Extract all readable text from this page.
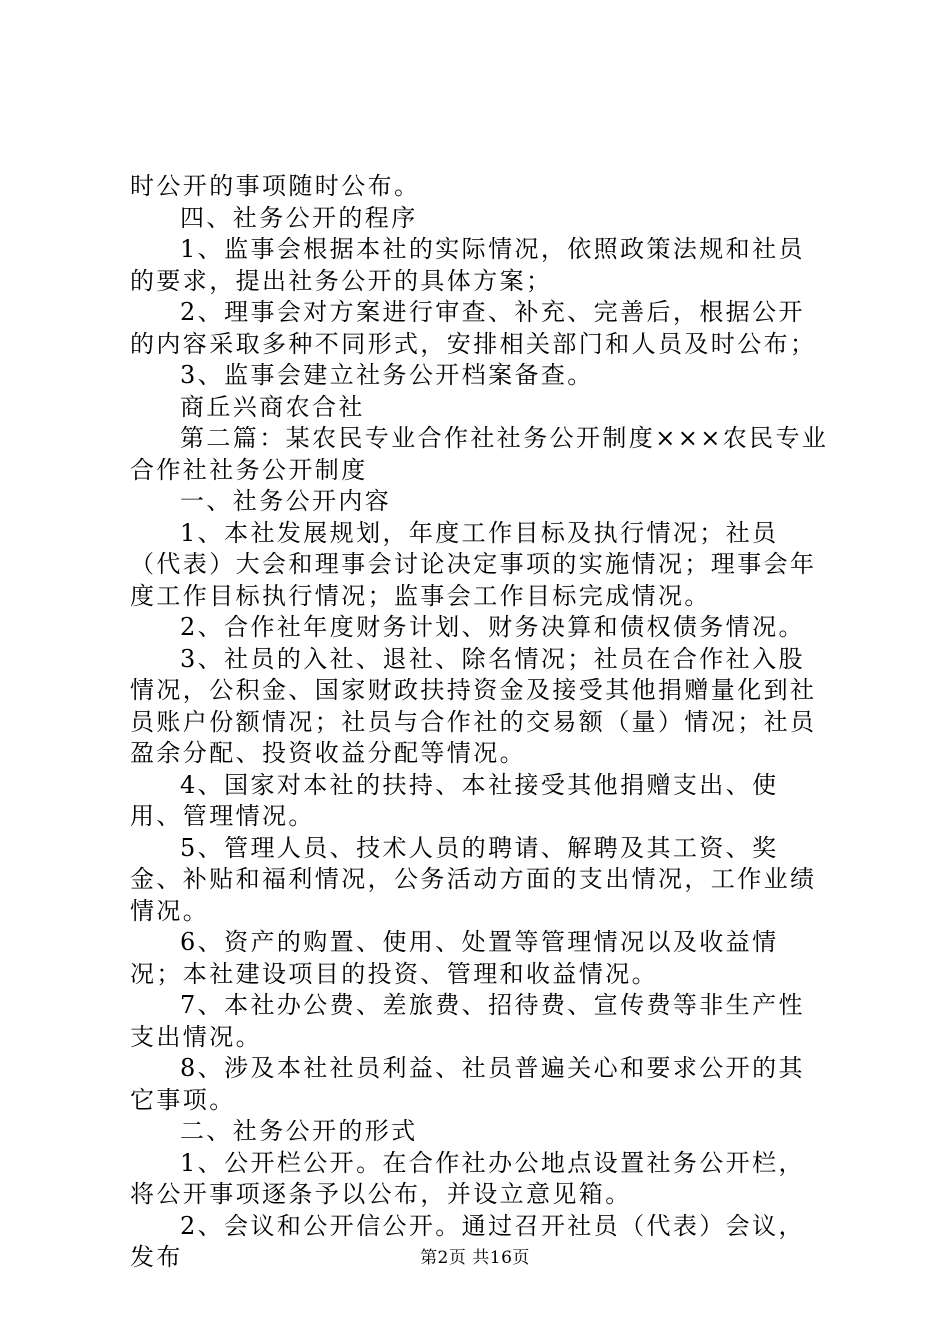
时公开的事项随时公布。

四、社务公开的程序

1、监事会根据本社的实际情况，依照政策法规和社员的要求，提出社务公开的具体方案；

2、理事会对方案进行审查、补充、完善后，根据公开的内容采取多种不同形式，安排相关部门和人员及时公布；

3、监事会建立社务公开档案备查。

商丘兴商农合社

第二篇：某农民专业合作社社务公开制度×××农民专业合作社社务公开制度

一、社务公开内容

1、本社发展规划，年度工作目标及执行情况；社员（代表）大会和理事会讨论决定事项的实施情况；理事会年度工作目标执行情况；监事会工作目标完成情况。

2、合作社年度财务计划、财务决算和债权债务情况。

3、社员的入社、退社、除名情况；社员在合作社入股情况，公积金、国家财政扶持资金及接受其他捐赠量化到社员账户份额情况；社员与合作社的交易额（量）情况；社员盈余分配、投资收益分配等情况。

4、国家对本社的扶持、本社接受其他捐赠支出、使用、管理情况。

5、管理人员、技术人员的聘请、解聘及其工资、奖金、补贴和福利情况，公务活动方面的支出情况，工作业绩情况。

6、资产的购置、使用、处置等管理情况以及收益情况；本社建设项目的投资、管理和收益情况。

7、本社办公费、差旅费、招待费、宣传费等非生产性支出情况。

8、涉及本社社员利益、社员普遍关心和要求公开的其它事项。

二、社务公开的形式

1、公开栏公开。在合作社办公地点设置社务公开栏，将公开事项逐条予以公布，并设立意见箱。

2、会议和公开信公开。通过召开社员（代表）会议，发布	第2页 共16页
